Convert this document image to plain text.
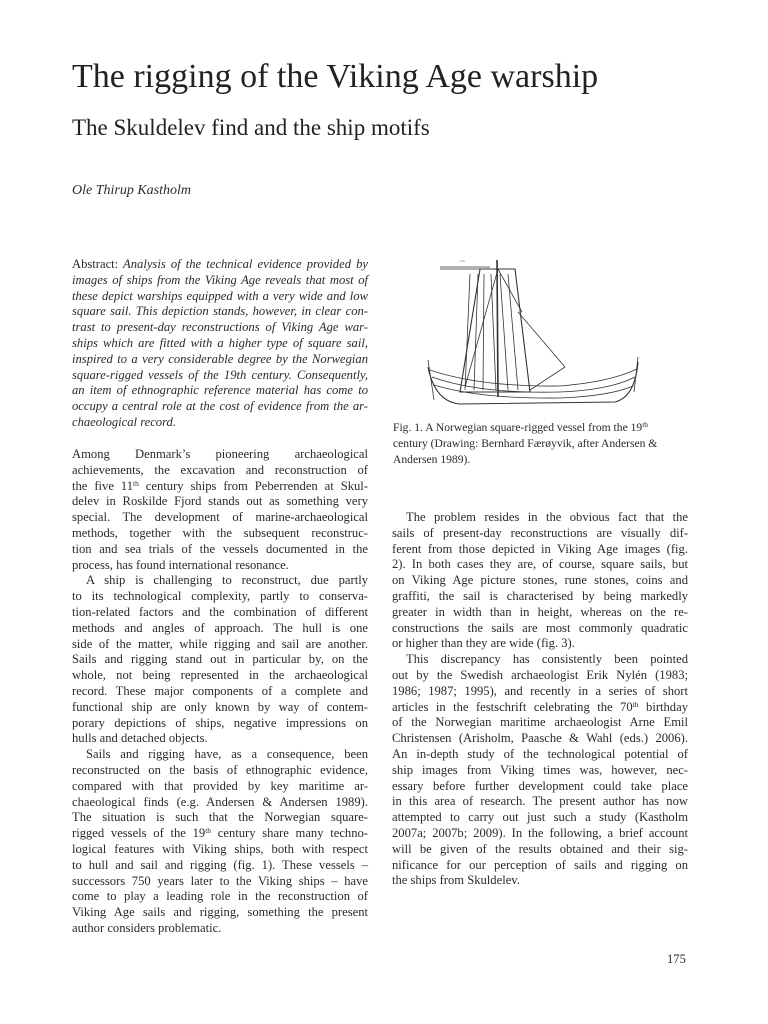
The rigging of the Viking Age warship
The Skuldelev find and the ship motifs
Ole Thirup Kastholm
Abstract: Analysis of the technical evidence provided by
images of ships from the Viking Age reveals that most of
these depict warships equipped with a very wide and low
square sail. This depiction stands, however, in clear con-
trast to present-day reconstructions of Viking Age war-
ships which are fitted with a higher type of square sail,
inspired to a very considerable degree by the Norwegian
square-rigged vessels of the 19th century. Consequently,
an item of ethnographic reference material has come to
occupy a central role at the cost of evidence from the ar-
chaeological record.
Among Denmark’s pioneering archaeological
achievements, the excavation and reconstruction of
the five 11th century ships from Peberrenden at Skul-
delev in Roskilde Fjord stands out as something very
special. The development of marine-archaeological
methods, together with the subsequent reconstruc-
tion and sea trials of the vessels documented in the
process, has found international resonance.
A ship is challenging to reconstruct, due partly
to its technological complexity, partly to conserva-
tion-related factors and the combination of different
methods and angles of approach. The hull is one
side of the matter, while rigging and sail are another.
Sails and rigging stand out in particular by, on the
whole, not being represented in the archaeological
record. These major components of a complete and
functional ship are only known by way of contem-
porary depictions of ships, negative impressions on
hulls and detached objects.
Sails and rigging have, as a consequence, been
reconstructed on the basis of ethnographic evidence,
compared with that provided by key maritime ar-
chaeological finds (e.g. Andersen & Andersen 1989).
The situation is such that the Norwegian square-
rigged vessels of the 19th century share many techno-
logical features with Viking ships, both with respect
to hull and sail and rigging (fig. 1). These vessels –
successors 750 years later to the Viking ships – have
come to play a leading role in the reconstruction of
Viking Age sails and rigging, something the present
author considers problematic.
The problem resides in the obvious fact that the
sails of present-day reconstructions are visually dif-
ferent from those depicted in Viking Age images (fig.
2). In both cases they are, of course, square sails, but
on Viking Age picture stones, rune stones, coins and
graffiti, the sail is characterised by being markedly
greater in width than in height, whereas on the re-
constructions the sails are most commonly quadratic
or higher than they are wide (fig. 3).
This discrepancy has consistently been pointed
out by the Swedish archaeologist Erik Nylén (1983;
1986; 1987; 1995), and recently in a series of short
articles in the festschrift celebrating the 70th birthday
of the Norwegian maritime archaeologist Arne Emil
Christensen (Arisholm, Paasche & Wahl (eds.) 2006).
An in-depth study of the technological potential of
ship images from Viking times was, however, nec-
essary before further development could take place
in this area of research. The present author has now
attempted to carry out just such a study (Kastholm
2007a; 2007b; 2009). In the following, a brief account
will be given of the results obtained and their sig-
nificance for our perception of sails and rigging on
the ships from Skuldelev.
5 m
Fig. 1. A Norwegian square-rigged vessel from the 19th
century (Drawing: Bernhard Færøyvik, after Andersen &
Andersen 1989).
175
